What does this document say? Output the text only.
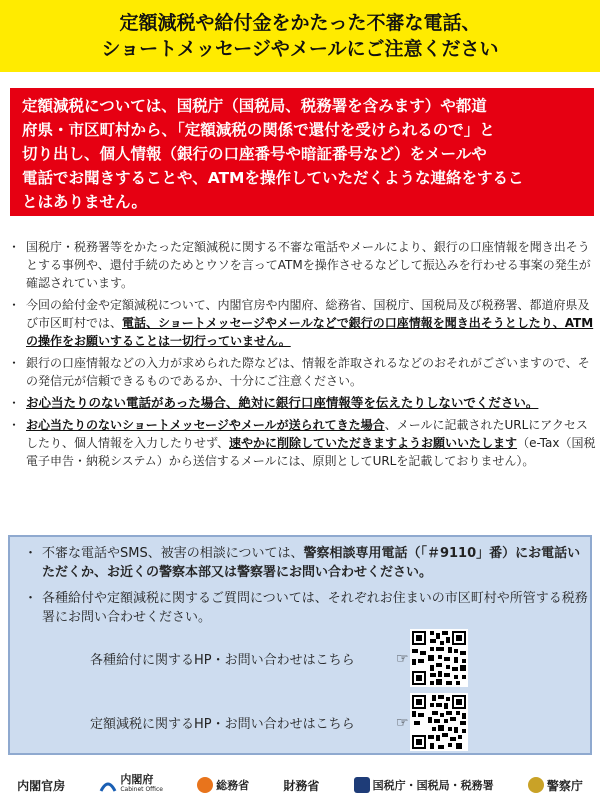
定額減税や給付金をかたった不審な電話、
ショートメッセージやメールにご注意ください
定額減税については、国税庁（国税局、税務署を含みます）や都道
府県・市区町村から、「定額減税の関係で還付を受けられるので」と
切り出し、個人情報（銀行の口座番号や暗証番号など）をメールや
電話でお聞きすることや、ATMを操作していただくような連絡をするこ
とはありません。
・ 国税庁・税務署等をかたった定額減税に関する不審な電話やメールにより、銀行の口座情報を聞き出そうとする事例や、還付手続のためとウソを言ってATMを操作させるなどして振込みを行わせる事案の発生が確認されています。
・ 今回の給付金や定額減税について、内閣官房や内閣府、総務省、国税庁、国税局及び税務署、都道府県及び市区町村では、電話、ショートメッセージやメールなどで銀行の口座情報を聞き出そうとしたり、ATMの操作をお願いすることは一切行っていません。
・ 銀行の口座情報などの入力が求められた際などは、情報を詐取されるなどのおそれがございますので、その発信元が信頼できるものであるか、十分にご注意ください。
・ お心当たりのない電話があった場合、絶対に銀行口座情報等を伝えたりしないでください。
・ お心当たりのないショートメッセージやメールが送られてきた場合、メールに記載されたURLにアクセスしたり、個人情報を入力したりせず、速やかに削除していただきますようお願いいたします（e-Tax（国税電子申告・納税システム）から送信するメールには、原則としてURLを記載しておりません）。
・ 不審な電話やSMS、被害の相談については、警察相談専用電話（「＃9110」番）にお電話いただくか、お近くの警察本部又は警察署にお問い合わせください。
・ 各種給付や定額減税に関するご質問については、それぞれお住まいの市区町村や所管する税務署にお問い合わせください。
各種給付に関するHP・お問い合わせはこちら	☞
定額減税に関するHP・お問い合わせはこちら	☞
内閣官房	内閣府
Cabinet Office	総務省	財務省	国税庁・国税局・税務署	警察庁
